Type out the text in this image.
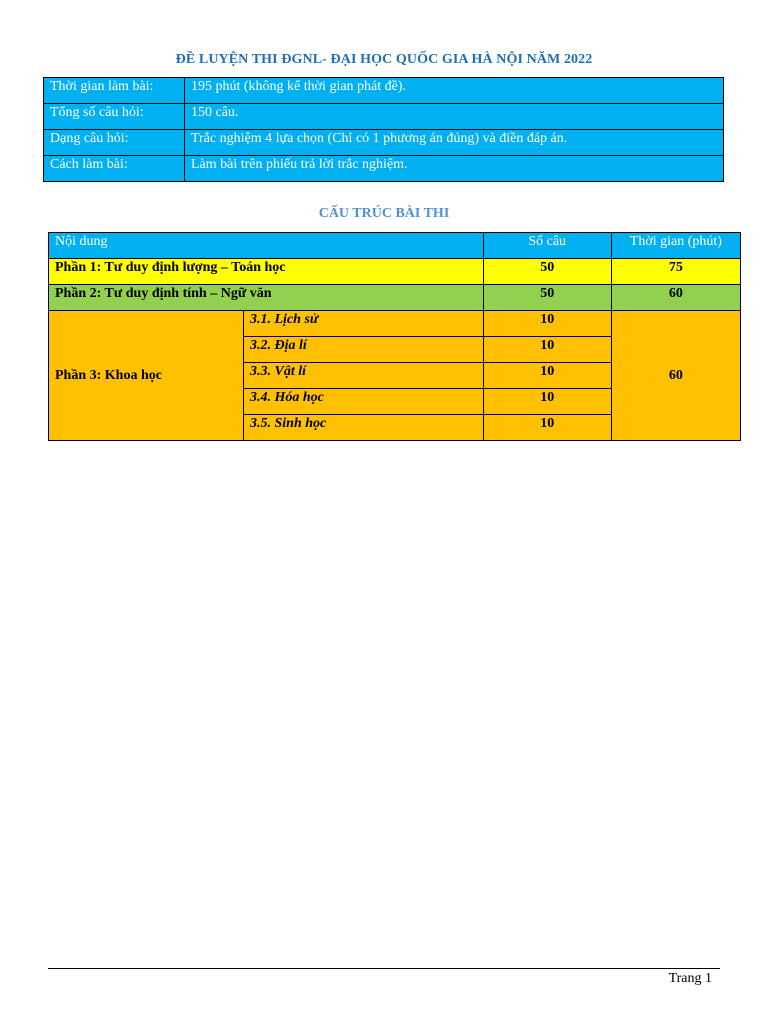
ĐỀ LUYỆN THI ĐGNL- ĐẠI HỌC QUỐC GIA HÀ NỘI NĂM 2022
Thời gian làm bài:	195 phút (không kể thời gian phát đề).
Tổng số câu hỏi:	150 câu.
Dạng câu hỏi:	Trắc nghiệm 4 lựa chọn (Chỉ có 1 phương án đúng) và điền đáp án.
Cách làm bài:	Làm bài trên phiếu trả lời trắc nghiệm.
CẤU TRÚC BÀI THI
Nội dung		Số câu	Thời gian (phút)
Phần 1: Tư duy định lượng – Toán học		50	75
Phần 2: Tư duy định tính – Ngữ văn		50	60
Phần 3: Khoa học	3.1. Lịch sử	10	60
	3.2. Địa lí	10	
	3.3. Vật lí	10	
	3.4. Hóa học	10	
	3.5. Sinh học	10	
Trang 1
